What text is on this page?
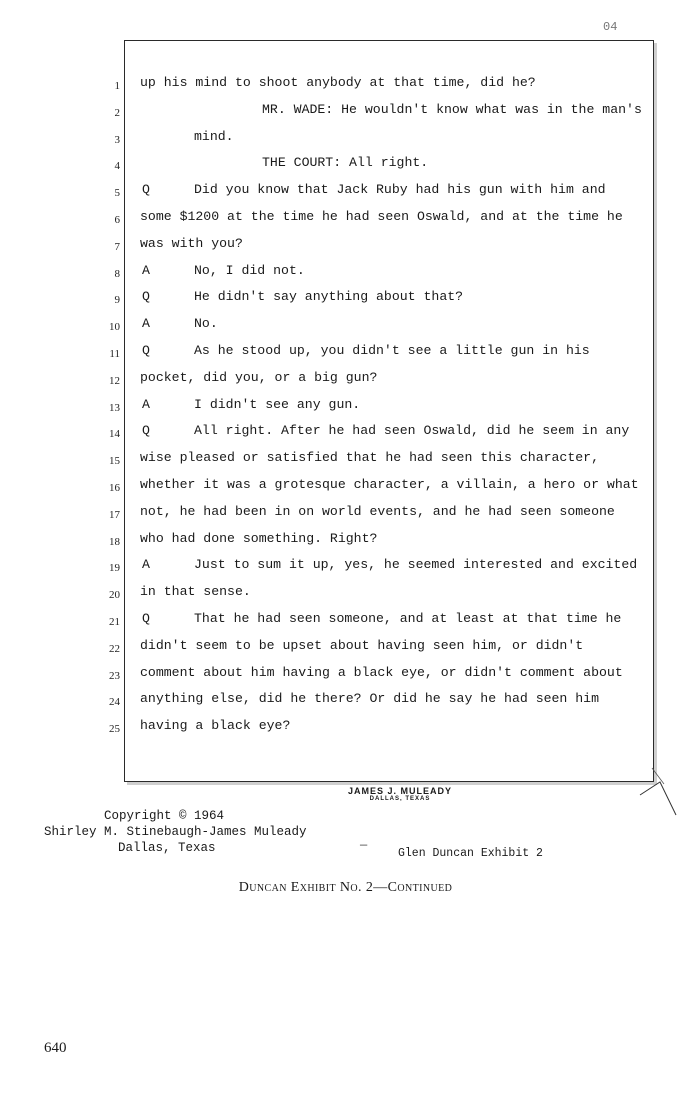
04
1 up his mind to shoot anybody at that time, did he?
2	MR. WADE: He wouldn't know what was in the man's
3	mind.
4	THE COURT: All right.
5 Q	Did you know that Jack Ruby had his gun with him and
6 some $1200 at the time he had seen Oswald, and at the time he
7 was with you?
8 A	No, I did not.
9 Q	He didn't say anything about that?
10 A	No.
11 Q	As he stood up, you didn't see a little gun in his
12 pocket, did you, or a big gun?
13 A	I didn't see any gun.
14 Q	All right. After he had seen Oswald, did he seem in any
15 wise pleased or satisfied that he had seen this character,
16 whether it was a grotesque character, a villain, a hero or what
17 not, he had been in on world events, and he had seen someone
18 who had done something. Right?
19 A	Just to sum it up, yes, he seemed interested and excited
20 in that sense.
21 Q	That he had seen someone, and at least at that time he
22 didn't seem to be upset about having seen him, or didn't
23 comment about him having a black eye, or didn't comment about
24 anything else, did he there? Or did he say he had seen him
25 having a black eye?
JAMES J. MULEADY
DALLAS, TEXAS
Copyright © 1964
Shirley M. Stinebaugh-James Muleady
Dallas, Texas	—
Glen Duncan Exhibit 2
Duncan Exhibit No. 2—Continued
640
